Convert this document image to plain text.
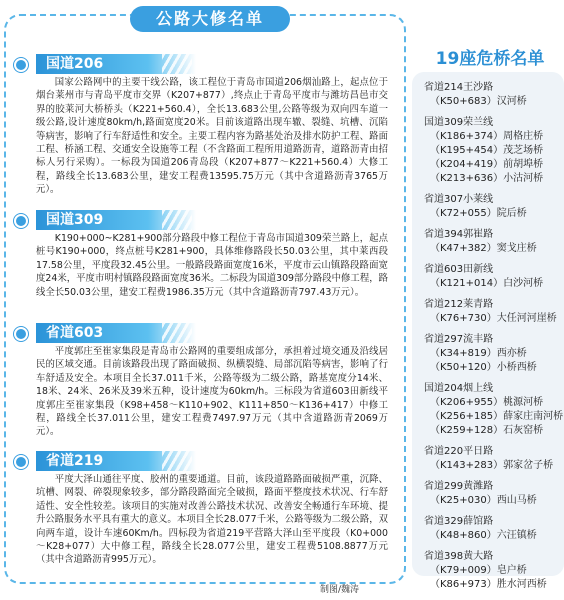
公路大修名单
国道206

国家公路网中的主要干线公路，该工程位于青岛市国道206烟汕路上，起点位于烟台莱州市与青岛平度市交界（K207+877）,终点止于青岛平度市与潍坊昌邑市交界的胶莱河大桥桥头（K221+560.4），全长13.683公里,公路等级为双向四车道一级公路,设计速度80km/h,路面宽度20米。目前该道路出现车辙、裂缝、坑槽、沉陷等病害，影响了行车舒适性和安全。主要工程内容为路基处治及排水防护工程、路面工程、桥涵工程、交通安全设施等工程（不含路面工程所用道路沥青，道路沥青由招标人另行采购）。一标段为国道206青岛段（K207+877～K221+560.4）大修工程，路线全长13.683公里，建安工程费13595.75万元（其中含道路沥青3765万元）。

国道309

K190+000~K281+900部分路段中修工程位于青岛市国道309荣兰路上，起点桩号K190+000，终点桩号K281+900，具体维修路段长50.03公里，其中莱西段17.58公里，平度段32.45公里。一般路段路面宽度16米，平度市云山镇路段路面宽度24米，平度市明村镇路段路面宽度36米。二标段为国道309部分路段中修工程，路线全长50.03公里，建安工程费1986.35万元（其中含道路沥青797.43万元）。

省道603

平度郭庄至崔家集段是青岛市公路网的重要组成部分，承担着过境交通及沿线居民的区域交通。目前该路段出现了路面破损、纵横裂缝、局部沉陷等病害，影响了行车舒适及安全。本项目全长37.011千米，公路等级为二级公路，路基宽度分14米、18米、24米、26米及39米五种，设计速度为60km/h。三标段为省道603田新线平度郭庄至崔家集段（K98+458～K110+902、K111+850～K136+417）中修工程，路线全长37.011公里，建安工程费7497.97万元（其中含道路沥青2069万元）。

省道219

平度大泽山通往平度、胶州的重要通道。目前，该段道路路面破损严重，沉降、坑槽、网裂、碎裂现象较多，部分路段路面完全破损，路面平整度技术状况、行车舒适性、安全性较差。该项目的实施对改善公路技术状况、改善安全畅通行车环境、提升公路服务水平具有重大的意义。本项目全长28.077千米，公路等级为二级公路，双向两车道，设计车速60Km/h。四标段为省道219平营路大泽山至平度段（K0+000～K28+077）大中修工程，路线全长28.077公里，建安工程费5108.8877万元（其中含道路沥青995万元）。

制图/魏涛
19座危桥名单
省道214王沙路
（K50+683）汉河桥
国道309荣兰线
（K186+374）周格庄桥
（K195+454）茂芝场桥
（K204+419）前胡埠桥
（K213+636）小沽河桥
省道307小莱线
（K72+055）院后桥
省道394郭崔路
（K47+382）窦戈庄桥
省道603田新线
（K121+014）白沙河桥
省道212莱青路
（K76+730）大任河河崖桥
省道297流丰路
（K34+819）西亦桥
（K50+120）小桥西桥
国道204烟上线
（K206+955）桃源河桥
（K256+185）薛家庄南河桥
（K259+128）石灰窑桥
省道220平日路
（K143+283）郭家岔子桥
省道299黄潍路
（K25+030）西山马桥
省道329薛馆路
（K48+860）六汪镇桥
省道398黄大路
（K79+009）皂户桥
（K86+973）胜水河西桥
